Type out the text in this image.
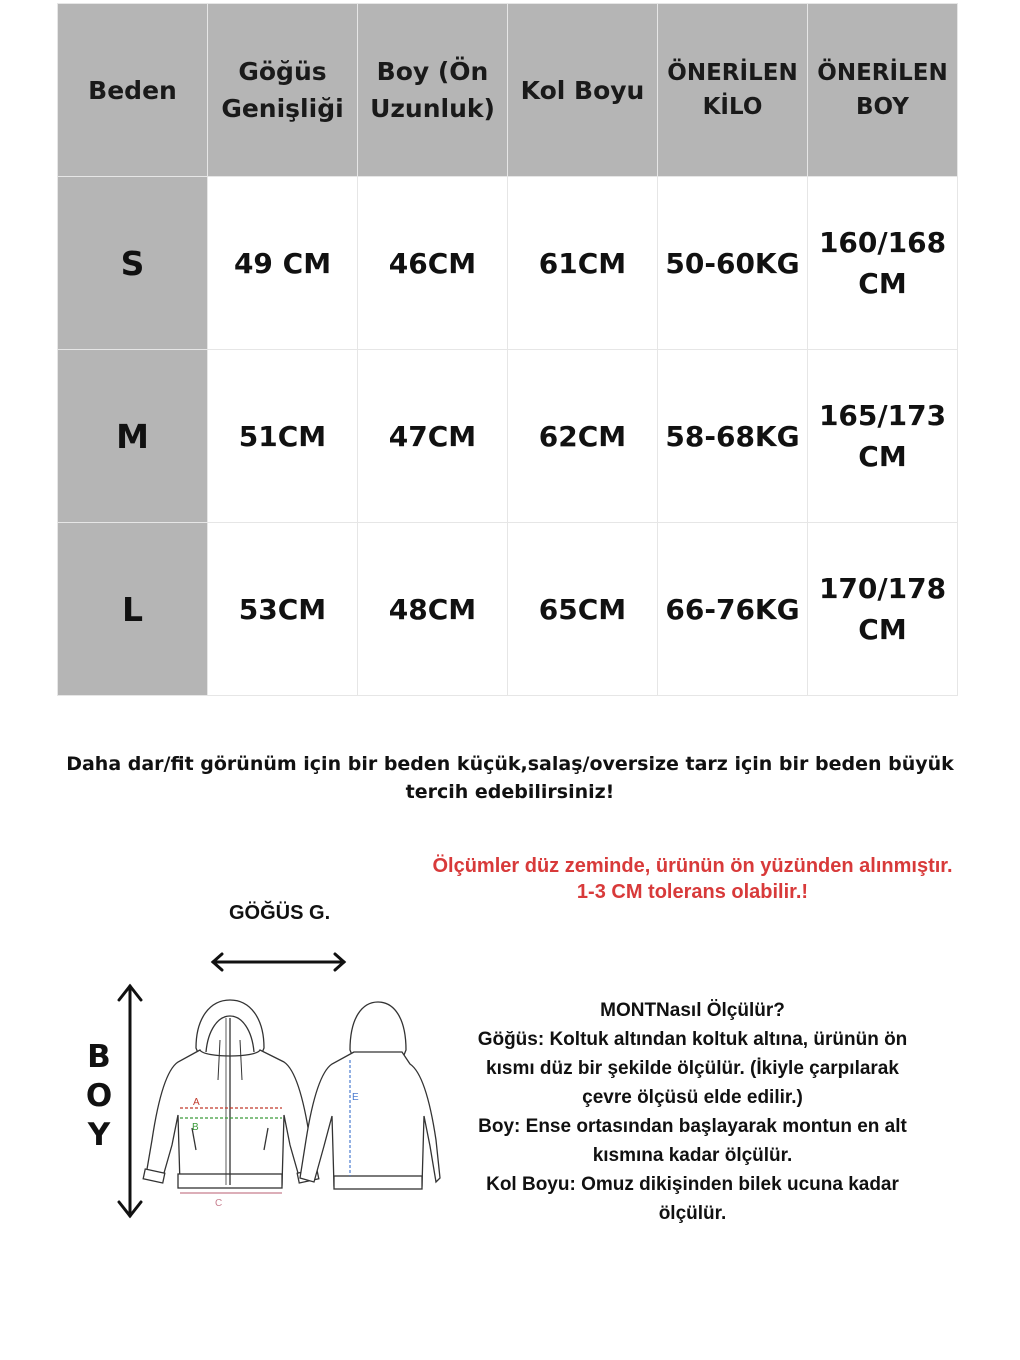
Beden	Göğüs Genişliği	Boy (Ön Uzunluk)	Kol Boyu	ÖNERİLEN KİLO	ÖNERİLEN BOY
S	49 CM	46CM	61CM	50-60KG	160/168 CM
M	51CM	47CM	62CM	58-68KG	165/173 CM
L	53CM	48CM	65CM	66-76KG	170/178 CM
Daha dar/fit görünüm için bir beden küçük,salaş/oversize tarz için bir beden büyük tercih edebilirsiniz!
Ölçümler düz zeminde, ürünün ön yüzünden alınmıştır.
1-3 CM tolerans olabilir.!
GÖĞÜS G.
B
O
Y
A
B
C
E
MONTNasıl Ölçülür?
Göğüs: Koltuk altından koltuk altına, ürünün ön kısmı düz bir şekilde ölçülür. (İkiyle çarpılarak çevre ölçüsü elde edilir.)
Boy: Ense ortasından başlayarak montun en alt kısmına kadar ölçülür.
Kol Boyu: Omuz dikişinden bilek ucuna kadar ölçülür.
